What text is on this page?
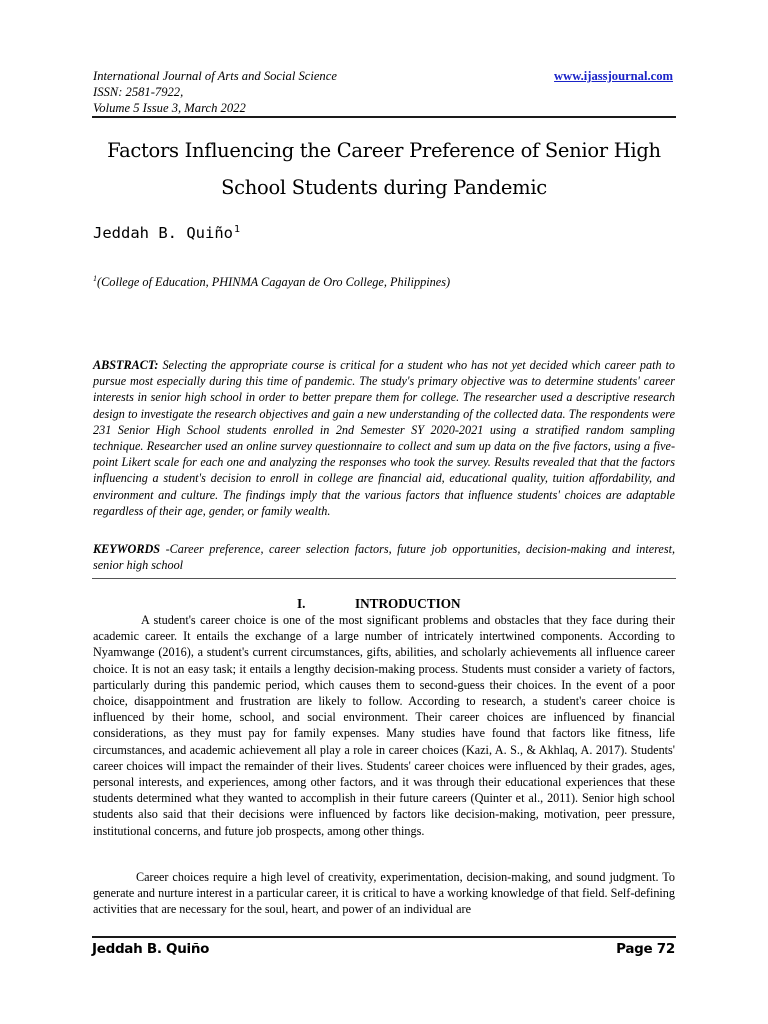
International Journal of Arts and Social Science
ISSN: 2581-7922,
Volume 5 Issue 3, March 2022
www.ijassjournal.com
Factors Influencing the Career Preference of Senior High
School Students during Pandemic
Jeddah B. Quiño$^1$
$^1$(College of Education, PHINMA Cagayan de Oro College, Philippines)
ABSTRACT: Selecting the appropriate course is critical for a student who has not yet decided which career path to pursue most especially during this time of pandemic. The study's primary objective was to determine students' career interests in senior high school in order to better prepare them for college. The researcher used a descriptive research design to investigate the research objectives and gain a new understanding of the collected data. The respondents were 231 Senior High School students enrolled in 2nd Semester SY 2020-2021 using a stratified random sampling technique. Researcher used an online survey questionnaire to collect and sum up data on the five factors, using a five-point Likert scale for each one and analyzing the responses who took the survey. Results revealed that that the factors influencing a student's decision to enroll in college are financial aid, educational quality, tuition affordability, and environment and culture. The findings imply that the various factors that influence students' choices are adaptable regardless of their age, gender, or family wealth.
KEYWORDS -Career preference, career selection factors, future job opportunities, decision-making and interest, senior high school
I.	INTRODUCTION

A student's career choice is one of the most significant problems and obstacles that they face during their academic career. It entails the exchange of a large number of intricately intertwined components. According to Nyamwange (2016), a student's current circumstances, gifts, abilities, and scholarly achievements all influence career choice. It is not an easy task; it entails a lengthy decision-making process. Students must consider a variety of factors, particularly during this pandemic period, which causes them to second-guess their choices. In the event of a poor choice, disappointment and frustration are likely to follow. According to research, a student's career choice is influenced by their home, school, and social environment. Their career choices are influenced by financial considerations, as they must pay for family expenses. Many studies have found that factors like fitness, life circumstances, and academic achievement all play a role in career choices (Kazi, A. S., & Akhlaq, A. 2017). Students' career choices will impact the remainder of their lives. Students' career choices were influenced by their grades, ages, personal interests, and experiences, among other factors, and it was through their educational experiences that these students determined what they wanted to accomplish in their future careers (Quinter et al., 2011). Senior high school students also said that their decisions were influenced by factors like decision-making, motivation, peer pressure, institutional concerns, and future job prospects, among other things.

Career choices require a high level of creativity, experimentation, decision-making, and sound judgment. To generate and nurture interest in a particular career, it is critical to have a working knowledge of that field. Self-defining activities that are necessary for the soul, heart, and power of an individual are

Jeddah B. Quiño	Page 72
